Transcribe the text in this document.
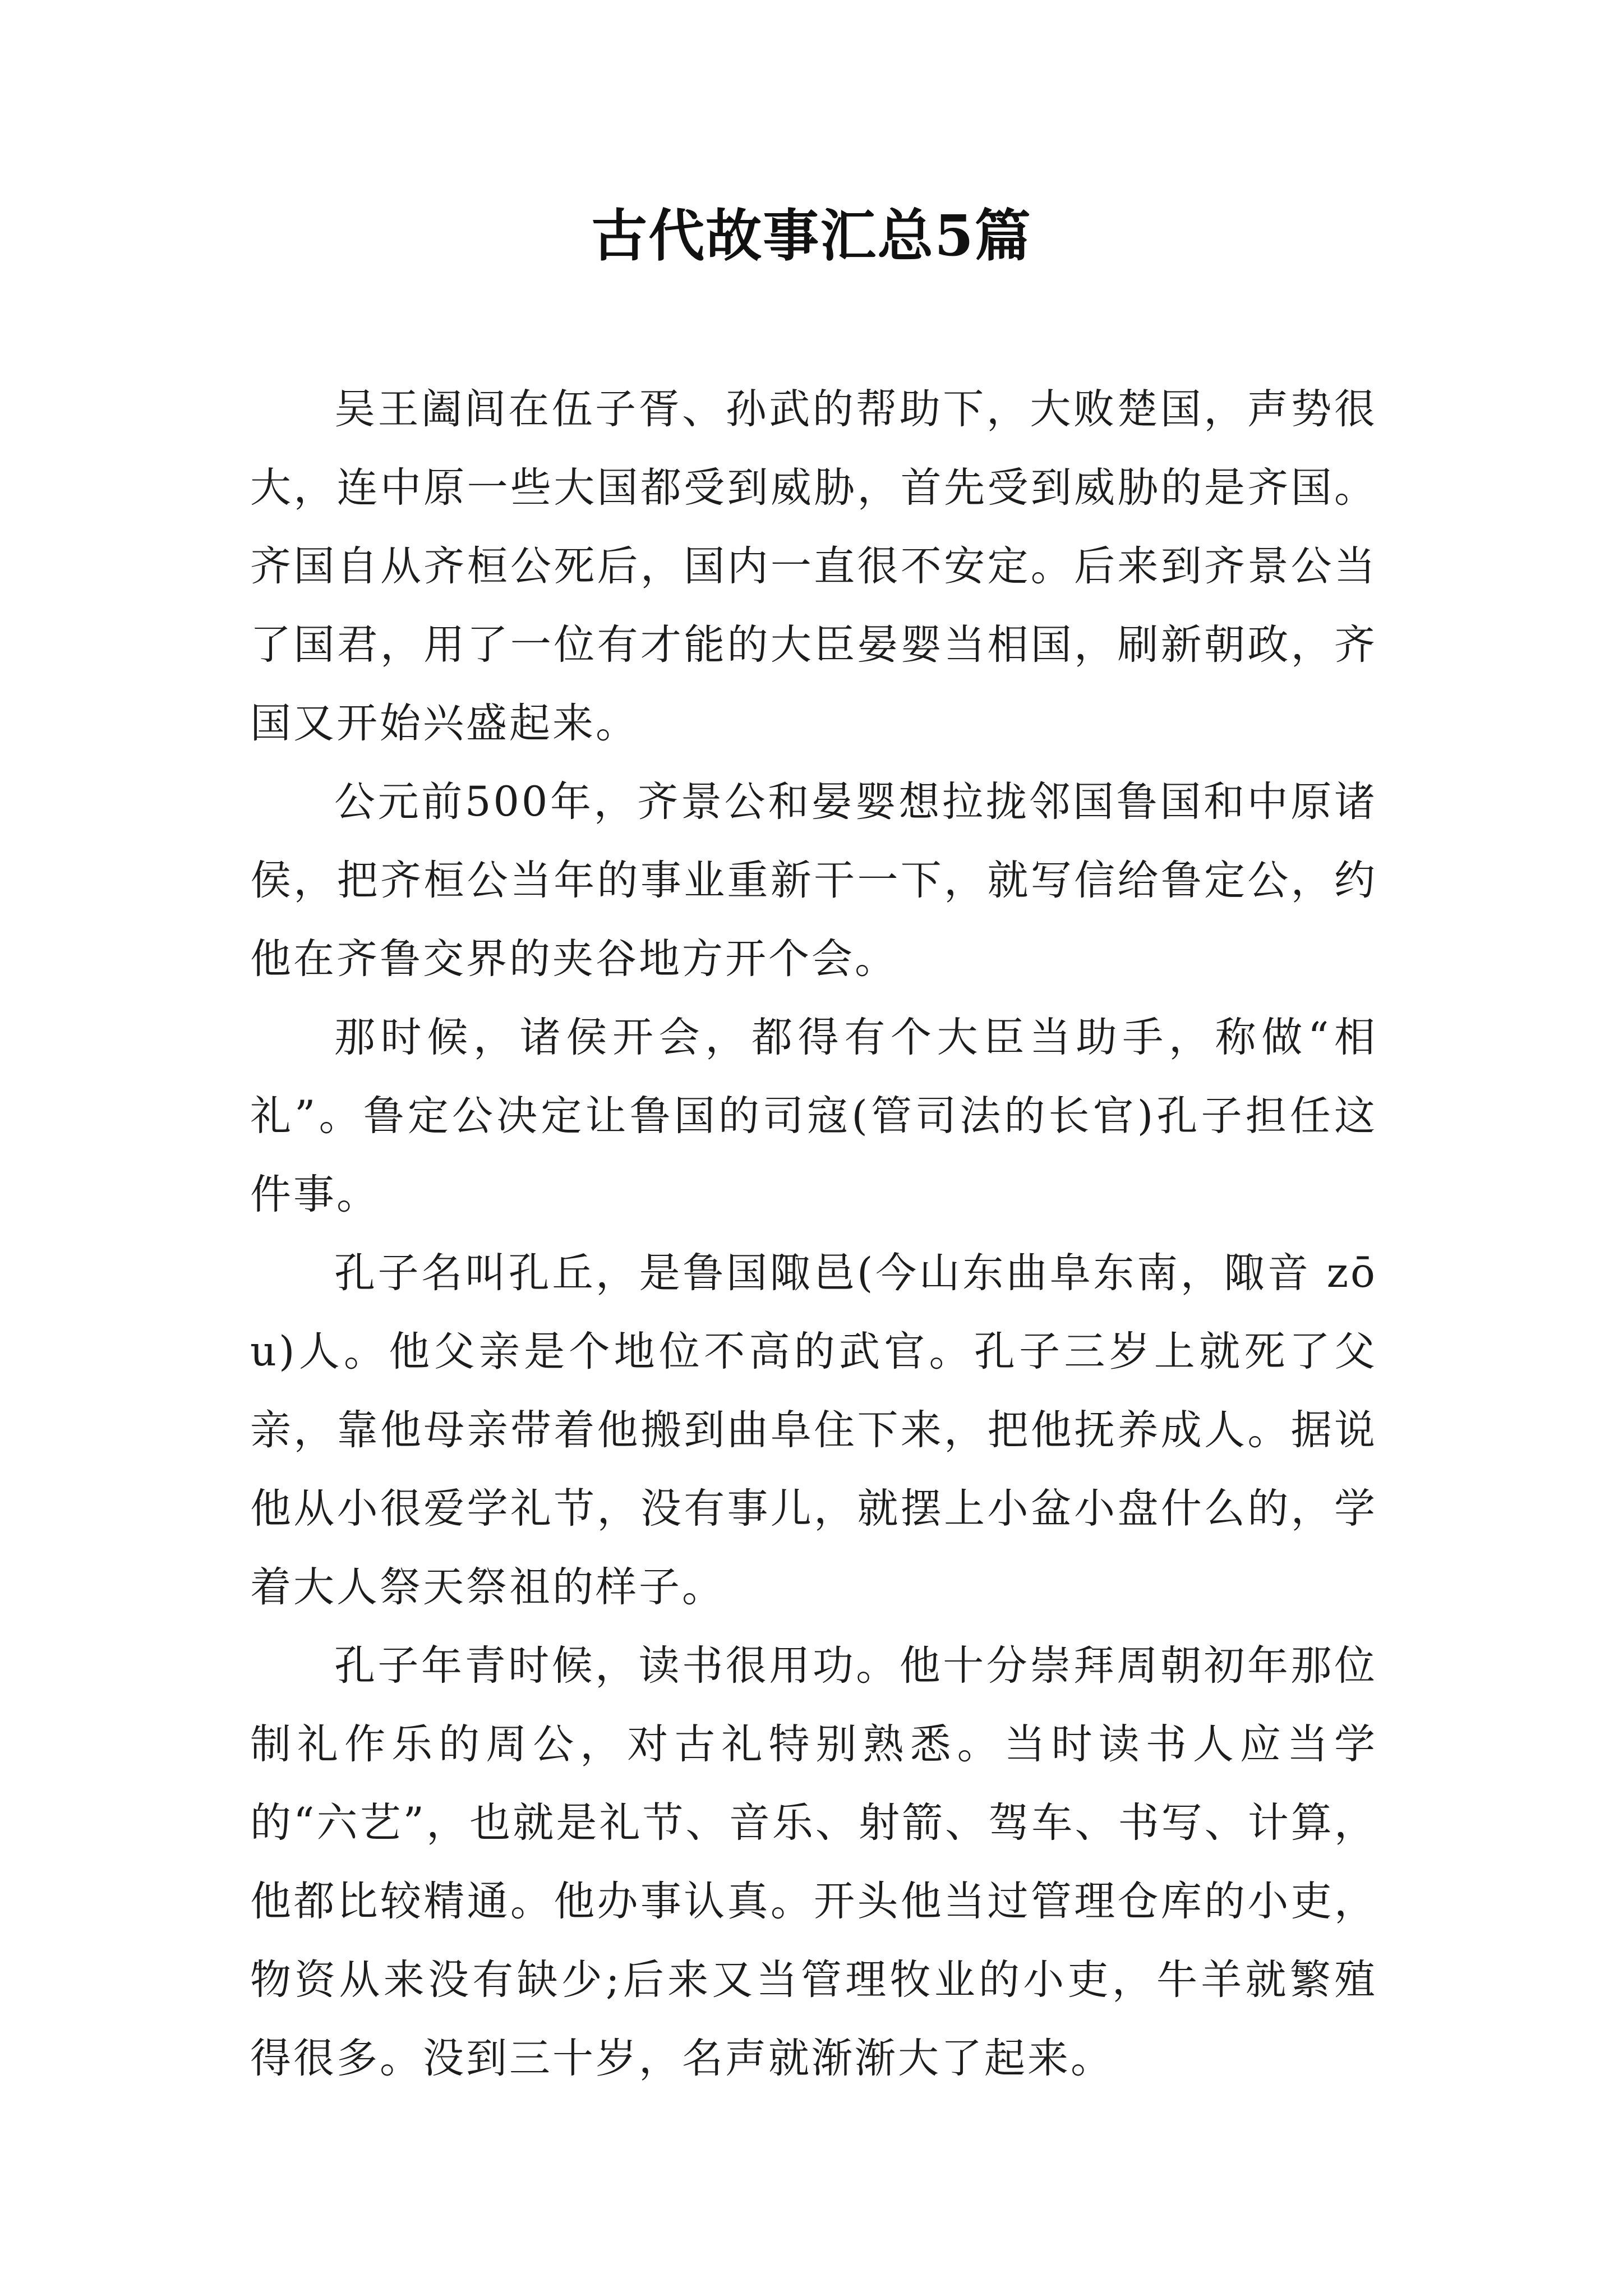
古代故事汇总5篇

吴王阖闾在伍子胥、孙武的帮助下，大败楚国，声势很大，连中原一些大国都受到威胁，首先受到威胁的是齐国。齐国自从齐桓公死后，国内一直很不安定。后来到齐景公当了国君，用了一位有才能的大臣晏婴当相国，刷新朝政，齐国又开始兴盛起来。

公元前500年，齐景公和晏婴想拉拢邻国鲁国和中原诸侯，把齐桓公当年的事业重新干一下，就写信给鲁定公，约他在齐鲁交界的夹谷地方开个会。

那时候，诸侯开会，都得有个大臣当助手，称做“相礼”。鲁定公决定让鲁国的司寇(管司法的长官)孔子担任这件事。

孔子名叫孔丘，是鲁国陬邑(今山东曲阜东南，陬音 zō u)人。他父亲是个地位不高的武官。孔子三岁上就死了父亲，靠他母亲带着他搬到曲阜住下来，把他抚养成人。据说他从小很爱学礼节，没有事儿，就摆上小盆小盘什么的，学着大人祭天祭祖的样子。

孔子年青时候，读书很用功。他十分崇拜周朝初年那位制礼作乐的周公，对古礼特别熟悉。当时读书人应当学的“六艺”，也就是礼节、音乐、射箭、驾车、书写、计算，他都比较精通。他办事认真。开头他当过管理仓库的小吏，物资从来没有缺少;后来又当管理牧业的小吏，牛羊就繁殖得很多。没到三十岁，名声就渐渐大了起来。
